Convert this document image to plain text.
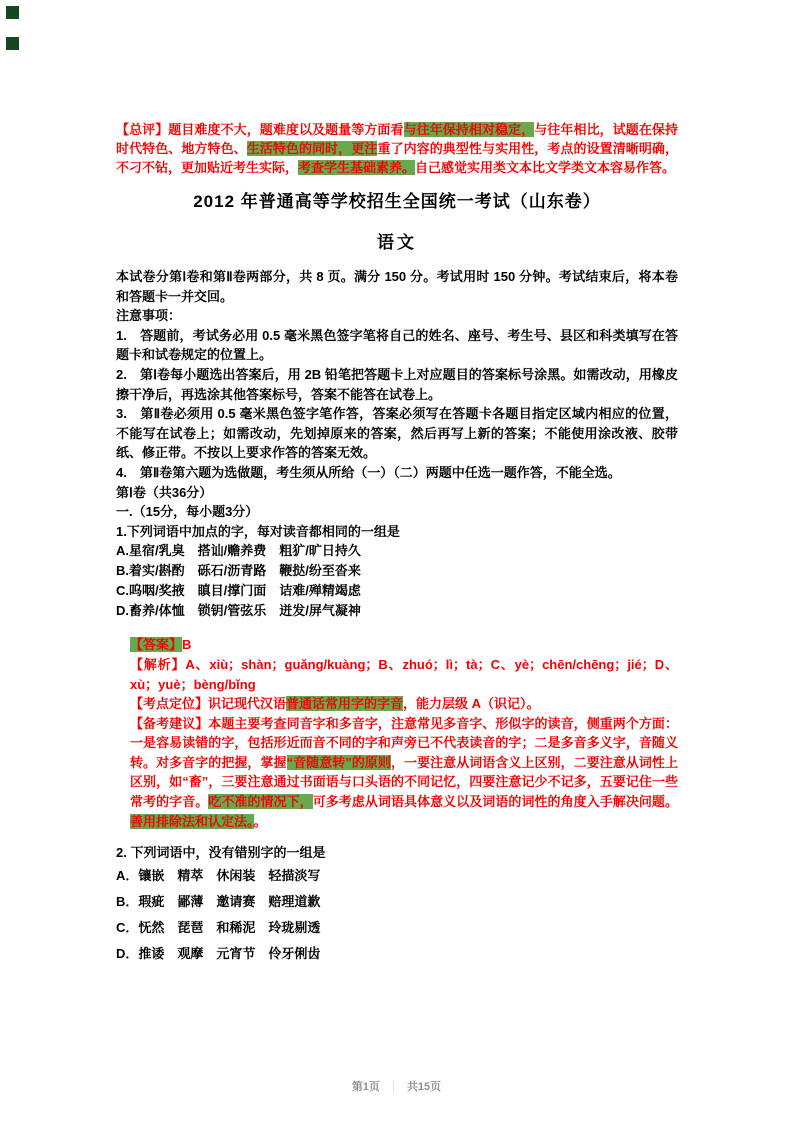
【总评】题目难度不大，题难度以及题量等方面看与往年保持相对稳定，与往年相比，试题在保持时代特色、地方特色、生活特色的同时，更注重了内容的典型性与实用性，考点的设置清晰明确，不刁不钻，更加贴近考生实际，考查学生基础素养。自己感觉实用类文本比文学类文本容易作答。

2012 年普通高等学校招生全国统一考试（山东卷）
语文

本试卷分第Ⅰ卷和第Ⅱ卷两部分，共 8 页。满分 150 分。考试用时 150 分钟。考试结束后，将本卷和答题卡一并交回。

注意事项：

1.　答题前，考试务必用 0.5 毫米黑色签字笔将自己的姓名、座号、考生号、县区和科类填写在答题卡和试卷规定的位置上。

2.　第Ⅰ卷每小题选出答案后，用 2B 铅笔把答题卡上对应题目的答案标号涂黑。如需改动，用橡皮擦干净后，再选涂其他答案标号，答案不能答在试卷上。

3.　第Ⅱ卷必须用 0.5 毫米黑色签字笔作答，答案必须写在答题卡各题目指定区域内相应的位置，不能写在试卷上；如需改动，先划掉原来的答案，然后再写上新的答案；不能使用涂改液、胶带纸、修正带。不按以上要求作答的答案无效。

4.　第Ⅱ卷第六题为选做题，考生须从所给（一）（二）两题中任选一题作答，不能全选。

第Ⅰ卷（共36分）

一.（15分，每小题3分）

1.下列词语中加点的字，每对读音都相同的一组是

A.星宿/乳臭　搭讪/赡养费　粗犷/旷日持久

B.着实/斟酌　砾石/沥青路　鞭挞/纷至沓来

C.呜咽/奖掖　瞋目/撑门面　诘难/殚精竭虑

D.畜养/体恤　锁钥/管弦乐　迸发/屏气凝神

【答案】B

【解析】A、xiù；shàn；guǎng/kuàng；B、zhuó；lì；tà；C、yè；chēn/chēng；jié；D、xù；yuè；bèng/bǐng

【考点定位】识记现代汉语普通话常用字的字音，能力层级 A（识记）。

【备考建议】本题主要考查同音字和多音字，注意常见多音字、形似字的读音，侧重两个方面：一是容易读错的字，包括形近而音不同的字和声旁已不代表读音的字；二是多音多义字，音随义转。对多音字的把握，掌握“音随意转”的原则，一要注意从词语含义上区别，二要注意从词性上区别，如“畜”，三要注意通过书面语与口头语的不同记忆，四要注意记少不记多，五要记住一些常考的字音。吃不准的情况下，可多考虑从词语具体意义以及词语的词性的角度入手解决问题。善用排除法和认定法。。

2. 下列词语中，没有错别字的一组是

A．镶嵌　精萃　休闲装　轻描淡写

B．瑕疵　鄙薄　邀请赛　赔理道歉

C．怃然　琵琶　和稀泥　玲珑剔透

D．推诿　观摩　元宵节　伶牙俐齿

第1页 ｜ 共15页
